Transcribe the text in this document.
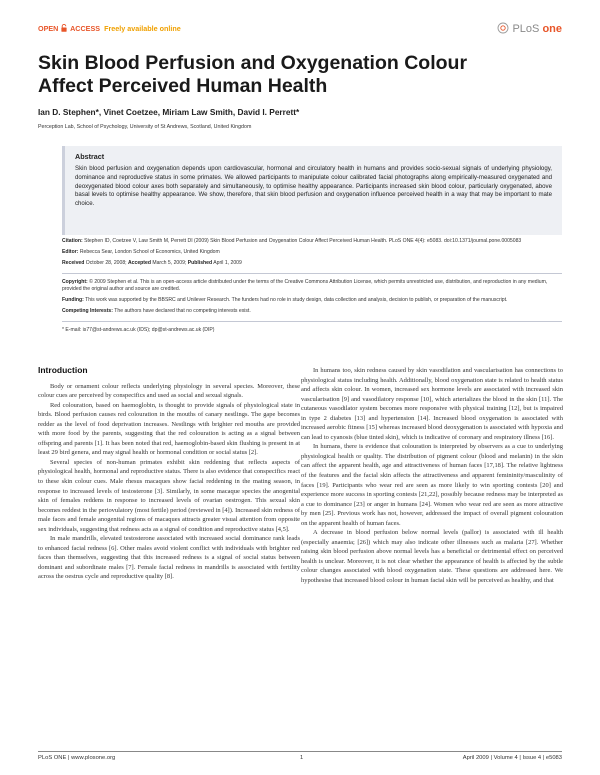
OPEN ACCESS Freely available online	PLoS one
Skin Blood Perfusion and Oxygenation Colour Affect Perceived Human Health
Ian D. Stephen*, Vinet Coetzee, Miriam Law Smith, David I. Perrett*
Perception Lab, School of Psychology, University of St Andrews, Scotland, United Kingdom
Abstract

Skin blood perfusion and oxygenation depends upon cardiovascular, hormonal and circulatory health in humans and provides socio-sexual signals of underlying physiology, dominance and reproductive status in some primates. We allowed participants to manipulate colour calibrated facial photographs along empirically-measured oxygenated and deoxygenated blood colour axes both separately and simultaneously, to optimise healthy appearance. Participants increased skin blood colour, particularly oxygenated, above basal levels to optimise healthy appearance. We show, therefore, that skin blood perfusion and oxygenation influence perceived health in a way that may be important to mate choice.

Citation: Stephen ID, Coetzee V, Law Smith M, Perrett DI (2009) Skin Blood Perfusion and Oxygenation Colour Affect Perceived Human Health. PLoS ONE 4(4): e5083. doi:10.1371/journal.pone.0005083
Editor: Rebecca Sear, London School of Economics, United Kingdom
Received October 28, 2008; Accepted March 5, 2009; Published April 1, 2009
Copyright: © 2009 Stephen et al. This is an open-access article distributed under the terms of the Creative Commons Attribution License, which permits unrestricted use, distribution, and reproduction in any medium, provided the original author and source are credited.
Funding: This work was supported by the BBSRC and Unilever Research. The funders had no role in study design, data collection and analysis, decision to publish, or preparation of the manuscript.
Competing Interests: The authors have declared that no competing interests exist.
* E-mail: is77@st-andrews.ac.uk (IDS); dp@st-andrews.ac.uk (DIP)
Introduction

Body or ornament colour reflects underlying physiology in several species. Moreover, these colour cues are perceived by conspecifics and used as social and sexual signals.

Red colouration, based on haemoglobin, is thought to provide signals of physiological state in birds. Blood perfusion causes red colouration in the mouths of canary nestlings. The gape becomes redder as the level of food deprivation increases. Nestlings with brighter red mouths are provided with more food by the parents, suggesting that the red colouration is acting as a signal between offspring and parents [1]. It has been noted that red, haemoglobin-based skin flushing is present in at least 29 bird genera, and may signal health or hormonal condition or social status [2].

Several species of non-human primates exhibit skin reddening that reflects aspects of physiological health, hormonal and reproductive status. There is also evidence that conspecifics react to these skin colour cues. Male rhesus macaques show facial reddening in the mating season, in response to increased levels of testosterone [3]. Similarly, in some macaque species the anogenital skin of females reddens in response to increased levels of ovarian oestrogen. This sexual skin becomes reddest in the periovulatory (most fertile) period (reviewed in [4]). Increased skin redness of male faces and female anogenital regions of macaques attracts greater visual attention from opposite sex individuals, suggesting that redness acts as a signal of condition and reproductive status [4,5].

In male mandrills, elevated testosterone associated with increased social dominance rank leads to enhanced facial redness [6]. Other males avoid violent conflict with individuals with brighter red faces than themselves, suggesting that this increased redness is a signal of social status between dominant and subordinate males [7]. Female facial redness in mandrills is associated with fertility across the oestrus cycle and reproductive quality [8].

In humans too, skin redness caused by skin vasodilation and vascularisation has connections to physiological status including health. Additionally, blood oxygenation state is related to health status and affects skin colour. In women, increased sex hormone levels are associated with increased skin vascularisation [9] and vasodilatory response [10], which arterializes the blood in the skin [11]. The cutaneous vasodilator system becomes more responsive with physical training [12], but is impaired in type 2 diabetes [13] and hypertension [14]. Increased blood oxygenation is associated with increased aerobic fitness [15] whereas increased blood deoxygenation is associated with hypoxia and can lead to cyanosis (blue tinted skin), which is indicative of coronary and respiratory illness [16].

In humans, there is evidence that colouration is interpreted by observers as a cue to underlying physiological health or quality. The distribution of pigment colour (blood and melanin) in the skin can affect the apparent health, age and attractiveness of human faces [17,18]. The relative lightness of the features and the facial skin affects the attractiveness and apparent femininity/masculinity of faces [19]. Participants who wear red are seen as more likely to win sporting contests [20] and experience more success in sporting contests [21,22], possibly because redness may be interpreted as a cue to dominance [23] or anger in humans [24]. Women who wear red are seen as more attractive by men [25]. Previous work has not, however, addressed the impact of overall pigment colouration on the apparent health of human faces.

A decrease in blood perfusion below normal levels (pallor) is associated with ill health (especially anaemia; [26]) which may also indicate other illnesses such as malaria [27]. Whether raising skin blood perfusion above normal levels has a beneficial or detrimental effect on perceived health is unclear. Moreover, it is not clear whether the appearance of health is affected by the subtle colour changes associated with blood oxygenation state. These questions are addressed here. We hypothesise that increased blood colour in human facial skin will be perceived as healthy, and that

PLoS ONE | www.plosone.org	1	April 2009 | Volume 4 | Issue 4 | e5083
